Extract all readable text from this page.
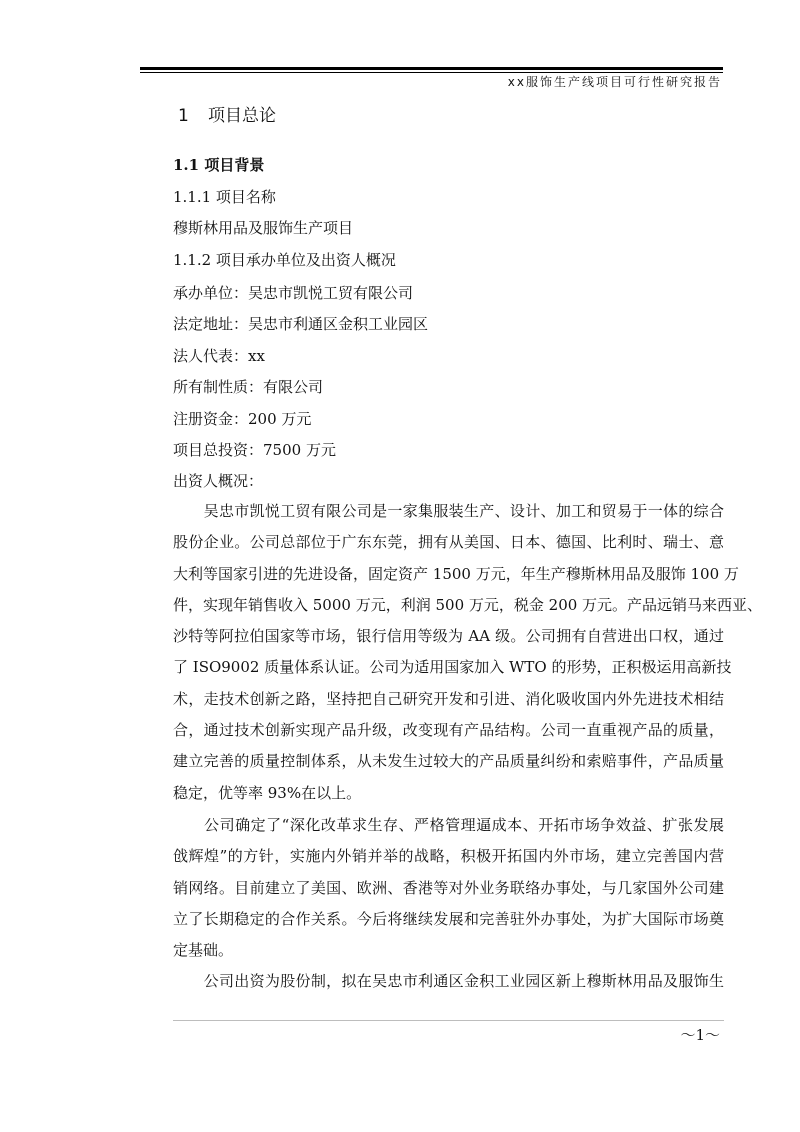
xx服饰生产线项目可行性研究报告
1 项目总论
1.1 项目背景
1.1.1 项目名称
穆斯林用品及服饰生产项目
1.1.2 项目承办单位及出资人概况
承办单位：吴忠市凯悦工贸有限公司
法定地址：吴忠市利通区金积工业园区
法人代表：xx
所有制性质：有限公司
注册资金：200 万元
项目总投资：7500 万元
出资人概况：
　　吴忠市凯悦工贸有限公司是一家集服装生产、设计、加工和贸易于一体的综合
股份企业。公司总部位于广东东莞，拥有从美国、日本、德国、比利时、瑞士、意
大利等国家引进的先进设备，固定资产 1500 万元，年生产穆斯林用品及服饰 100 万
件，实现年销售收入 5000 万元，利润 500 万元，税金 200 万元。产品远销马来西亚、
沙特等阿拉伯国家等市场，银行信用等级为 AA 级。公司拥有自营进出口权，通过
了 ISO9002 质量体系认证。公司为适用国家加入 WTO 的形势，正积极运用高新技
术，走技术创新之路，坚持把自己研究开发和引进、消化吸收国内外先进技术相结
合，通过技术创新实现产品升级，改变现有产品结构。公司一直重视产品的质量，
建立完善的质量控制体系，从未发生过较大的产品质量纠纷和索赔事件，产品质量
稳定，优等率 93%在以上。
　　公司确定了“深化改革求生存、严格管理逼成本、开拓市场争效益、扩张发展
戗辉煌”的方针，实施内外销并举的战略，积极开拓国内外市场，建立完善国内营
销网络。目前建立了美国、欧洲、香港等对外业务联络办事处，与几家国外公司建
立了长期稳定的合作关系。今后将继续发展和完善驻外办事处，为扩大国际市场奠
定基础。
　　公司出资为股份制，拟在吴忠市利通区金积工业园区新上穆斯林用品及服饰生
～1～
